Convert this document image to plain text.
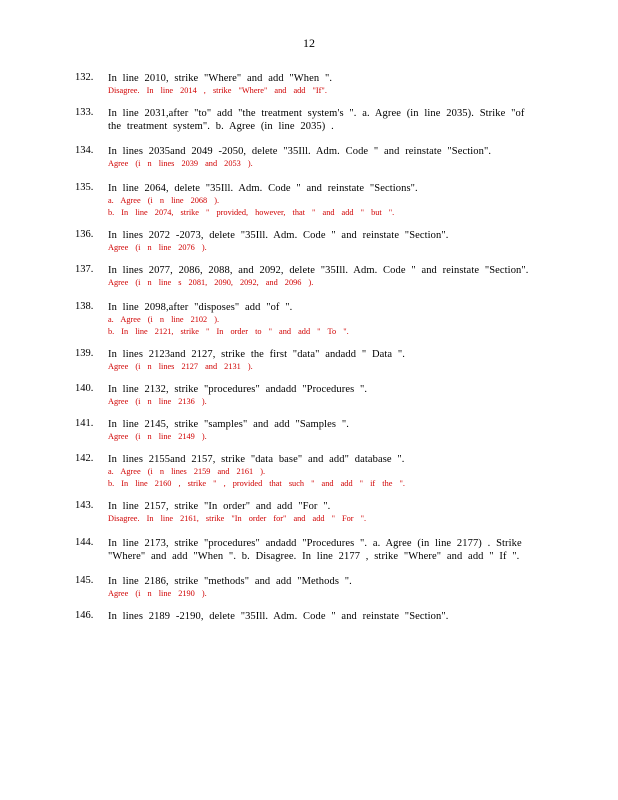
12
132.	In line 2010, strike "Where" and add "When ".
Disagree. In line 2014 , strike "Where" and add "If".
133.	In line 2031,after "to" add "the treatment system's ". a. Agree (in line 2035). Strike "of the treatment system". b. Agree (in line 2035) .
134.	In lines 2035and 2049 -2050, delete "35Ill. Adm. Code " and reinstate "Section".
Agree (i n lines 2039 and 2053 ).
135.	In line 2064, delete "35Ill. Adm. Code " and reinstate "Sections".
a. Agree (i n line 2068 ).
b. In line 2074, strike " provided, however, that " and add " but ".
136.	In lines 2072 -2073, delete "35Ill. Adm. Code " and reinstate "Section".
Agree (i n line 2076 ).
137.	In lines 2077, 2086, 2088, and 2092, delete "35Ill. Adm. Code " and reinstate "Section".
Agree (i n line s 2081, 2090, 2092, and 2096 ).
138.	In line 2098,after "disposes" add "of ".
a. Agree (i n line 2102 ).
b. In line 2121, strike " In order to " and add " To ".
139.	In lines 2123and 2127, strike the first "data" andadd " Data ".
Agree (i n lines 2127 and 2131 ).
140.	In line 2132, strike "procedures" andadd "Procedures ".
Agree (i n line 2136 ).
141.	In line 2145, strike "samples" and add "Samples ".
Agree (i n line 2149 ).
142.	In lines 2155and 2157, strike "data base" and add" database ".
a. Agree (i n lines 2159 and 2161 ).
b. In line 2160 , strike " , provided that such " and add " if the ".
143.	In line 2157, strike "In order" and add "For ".
Disagree. In line 2161, strike "In order for" and add " For ".
144.	In line 2173, strike "procedures" andadd "Procedures ". a. Agree (in line 2177) . Strike "Where" and add "When ". b. Disagree. In line 2177 , strike "Where" and add " If ".
145.	In line 2186, strike "methods" and add "Methods ".
Agree (i n line 2190 ).
146.	In lines 2189 -2190, delete "35Ill. Adm. Code " and reinstate "Section".
